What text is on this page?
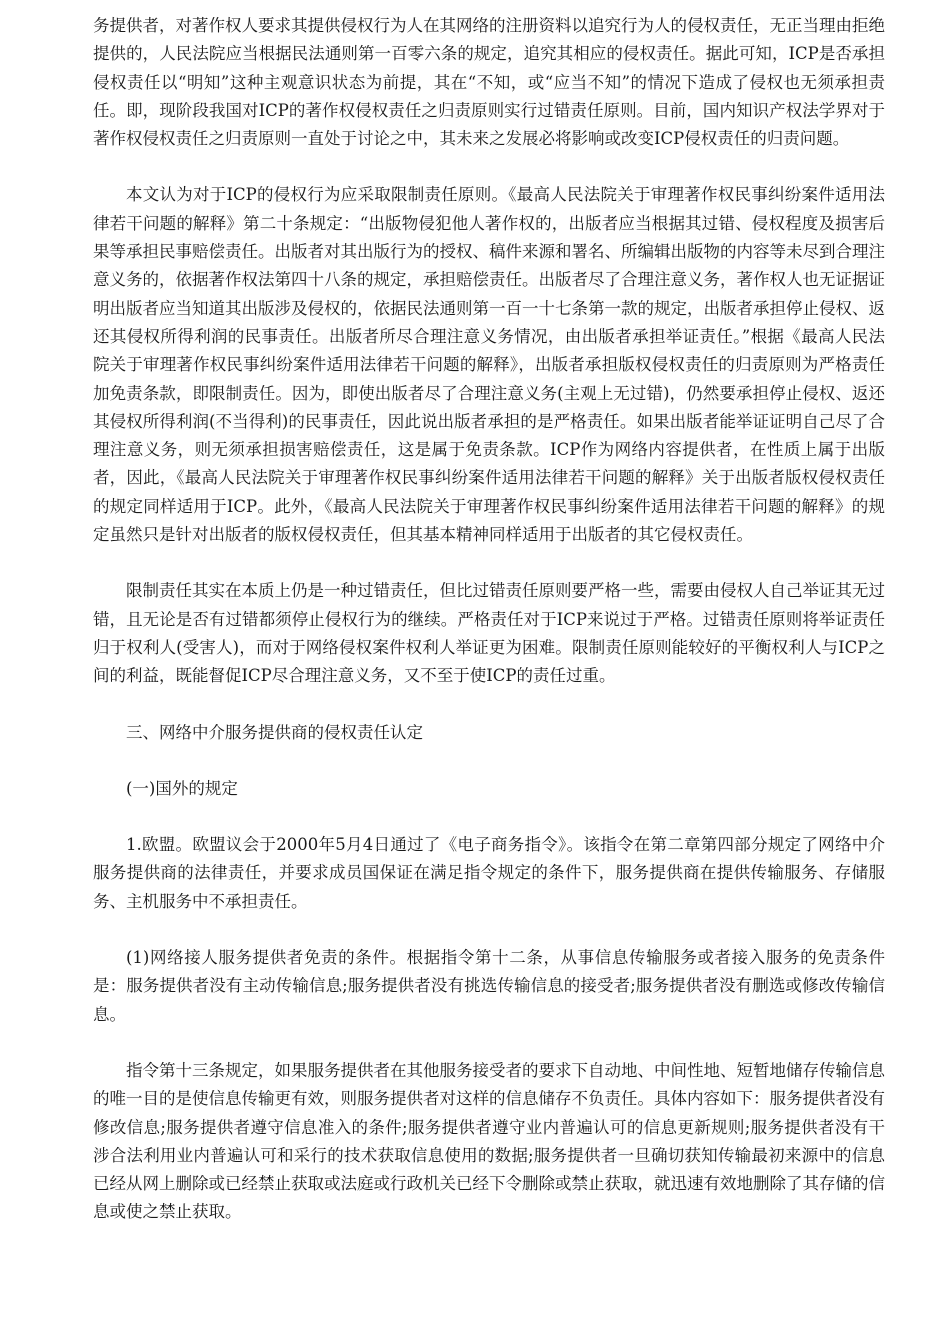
务提供者，对著作权人要求其提供侵权行为人在其网络的注册资料以追究行为人的侵权责任，无正当理由拒绝提供的，人民法院应当根据民法通则第一百零六条的规定，追究其相应的侵权责任。据此可知，ICP是否承担侵权责任以“明知”这种主观意识状态为前提，其在“不知，或“应当不知”的情况下造成了侵权也无须承担责任。即，现阶段我国对ICP的著作权侵权责任之归责原则实行过错责任原则。目前，国内知识产权法学界对于著作权侵权责任之归责原则一直处于讨论之中，其未来之发展必将影响或改变ICP侵权责任的归责问题。

本文认为对于ICP的侵权行为应采取限制责任原则。《最高人民法院关于审理著作权民事纠纷案件适用法律若干问题的解释》第二十条规定：“出版物侵犯他人著作权的，出版者应当根据其过错、侵权程度及损害后果等承担民事赔偿责任。出版者对其出版行为的授权、稿件来源和署名、所编辑出版物的内容等未尽到合理注意义务的，依据著作权法第四十八条的规定，承担赔偿责任。出版者尽了合理注意义务，著作权人也无证据证明出版者应当知道其出版涉及侵权的，依据民法通则第一百一十七条第一款的规定，出版者承担停止侵权、返还其侵权所得利润的民事责任。出版者所尽合理注意义务情况，由出版者承担举证责任。”根据《最高人民法院关于审理著作权民事纠纷案件适用法律若干问题的解释》，出版者承担版权侵权责任的归责原则为严格责任加免责条款，即限制责任。因为，即使出版者尽了合理注意义务(主观上无过错)，仍然要承担停止侵权、返还其侵权所得利润(不当得利)的民事责任，因此说出版者承担的是严格责任。如果出版者能举证证明自己尽了合理注意义务，则无须承担损害赔偿责任，这是属于免责条款。ICP作为网络内容提供者，在性质上属于出版者，因此，《最高人民法院关于审理著作权民事纠纷案件适用法律若干问题的解释》关于出版者版权侵权责任的规定同样适用于ICP。此外，《最高人民法院关于审理著作权民事纠纷案件适用法律若干问题的解释》的规定虽然只是针对出版者的版权侵权责任，但其基本精神同样适用于出版者的其它侵权责任。

限制责任其实在本质上仍是一种过错责任，但比过错责任原则要严格一些，需要由侵权人自己举证其无过错，且无论是否有过错都须停止侵权行为的继续。严格责任对于ICP来说过于严格。过错责任原则将举证责任归于权利人(受害人)，而对于网络侵权案件权利人举证更为困难。限制责任原则能较好的平衡权利人与ICP之间的利益，既能督促ICP尽合理注意义务，又不至于使ICP的责任过重。

三、网络中介服务提供商的侵权责任认定

(一)国外的规定

1.欧盟。欧盟议会于2000年5月4日通过了《电子商务指令》。该指令在第二章第四部分规定了网络中介服务提供商的法律责任，并要求成员国保证在满足指令规定的条件下，服务提供商在提供传输服务、存储服务、主机服务中不承担责任。

(1)网络接人服务提供者免责的条件。根据指令第十二条，从事信息传输服务或者接入服务的免责条件是：服务提供者没有主动传输信息;服务提供者没有挑选传输信息的接受者;服务提供者没有删选或修改传输信息。

指令第十三条规定，如果服务提供者在其他服务接受者的要求下自动地、中间性地、短暂地储存传输信息的唯一目的是使信息传输更有效，则服务提供者对这样的信息储存不负责任。具体内容如下：服务提供者没有修改信息;服务提供者遵守信息准入的条件;服务提供者遵守业内普遍认可的信息更新规则;服务提供者没有干涉合法利用业内普遍认可和采行的技术获取信息使用的数据;服务提供者一旦确切获知传输最初来源中的信息已经从网上删除或已经禁止获取或法庭或行政机关已经下令删除或禁止获取，就迅速有效地删除了其存储的信息或使之禁止获取。
